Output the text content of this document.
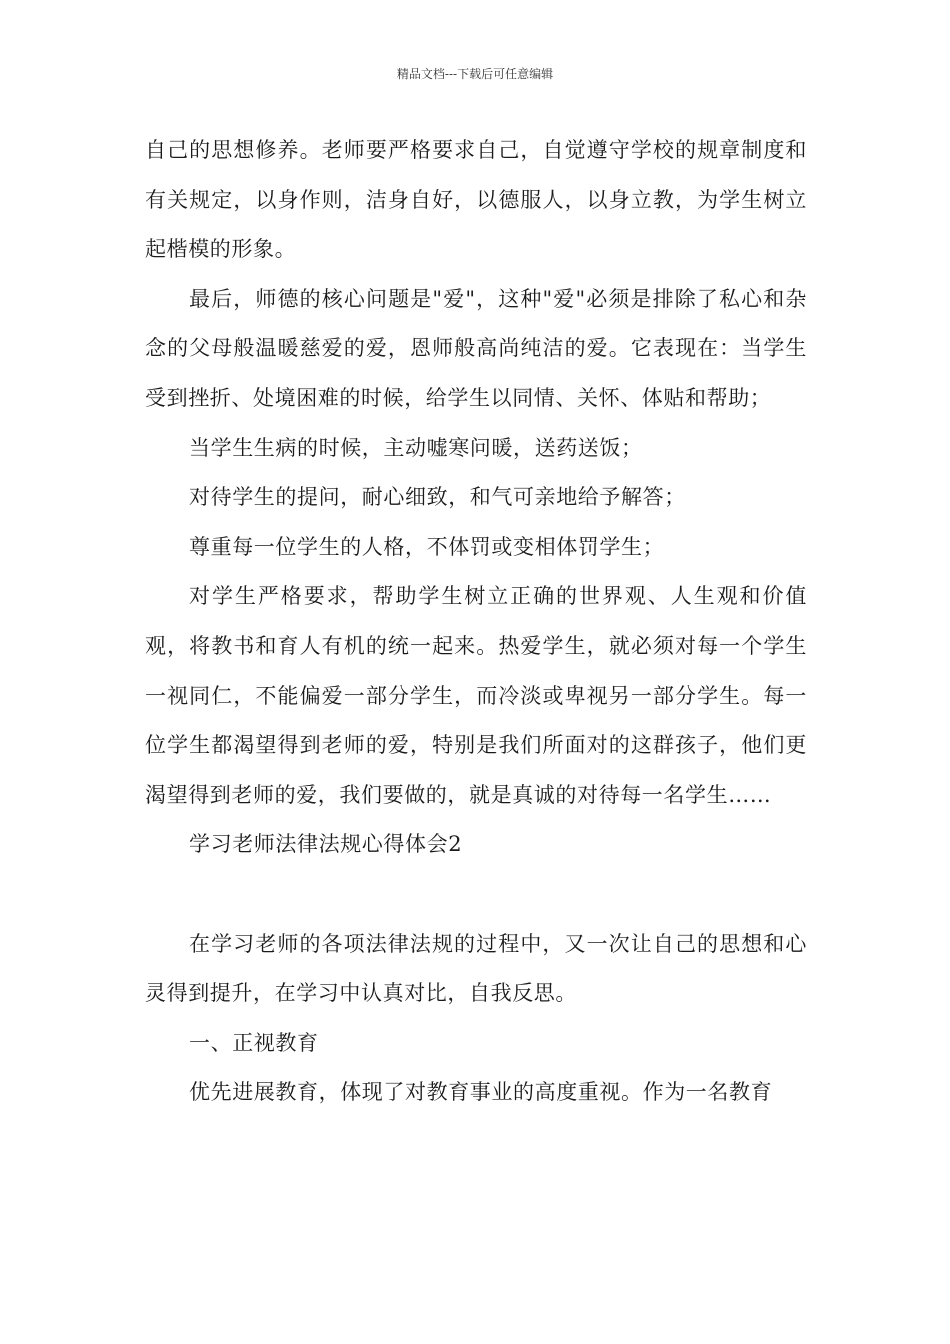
精品文档---下载后可任意编辑

自己的思想修养。老师要严格要求自己，自觉遵守学校的规章制度和有关规定，以身作则，洁身自好，以德服人，以身立教，为学生树立起楷模的形象。

最后，师德的核心问题是"爱"，这种"爱"必须是排除了私心和杂念的父母般温暖慈爱的爱，恩师般高尚纯洁的爱。它表现在：当学生受到挫折、处境困难的时候，给学生以同情、关怀、体贴和帮助；

当学生生病的时候，主动嘘寒问暖，送药送饭；

对待学生的提问，耐心细致，和气可亲地给予解答；

尊重每一位学生的人格，不体罚或变相体罚学生；

对学生严格要求，帮助学生树立正确的世界观、人生观和价值观，将教书和育人有机的统一起来。热爱学生，就必须对每一个学生一视同仁，不能偏爱一部分学生，而冷淡或卑视另一部分学生。每一位学生都渴望得到老师的爱，特别是我们所面对的这群孩子，他们更渴望得到老师的爱，我们要做的，就是真诚的对待每一名学生……

学习老师法律法规心得体会2

在学习老师的各项法律法规的过程中，又一次让自己的思想和心灵得到提升，在学习中认真对比，自我反思。

一、正视教育

优先进展教育，体现了对教育事业的高度重视。作为一名教育
